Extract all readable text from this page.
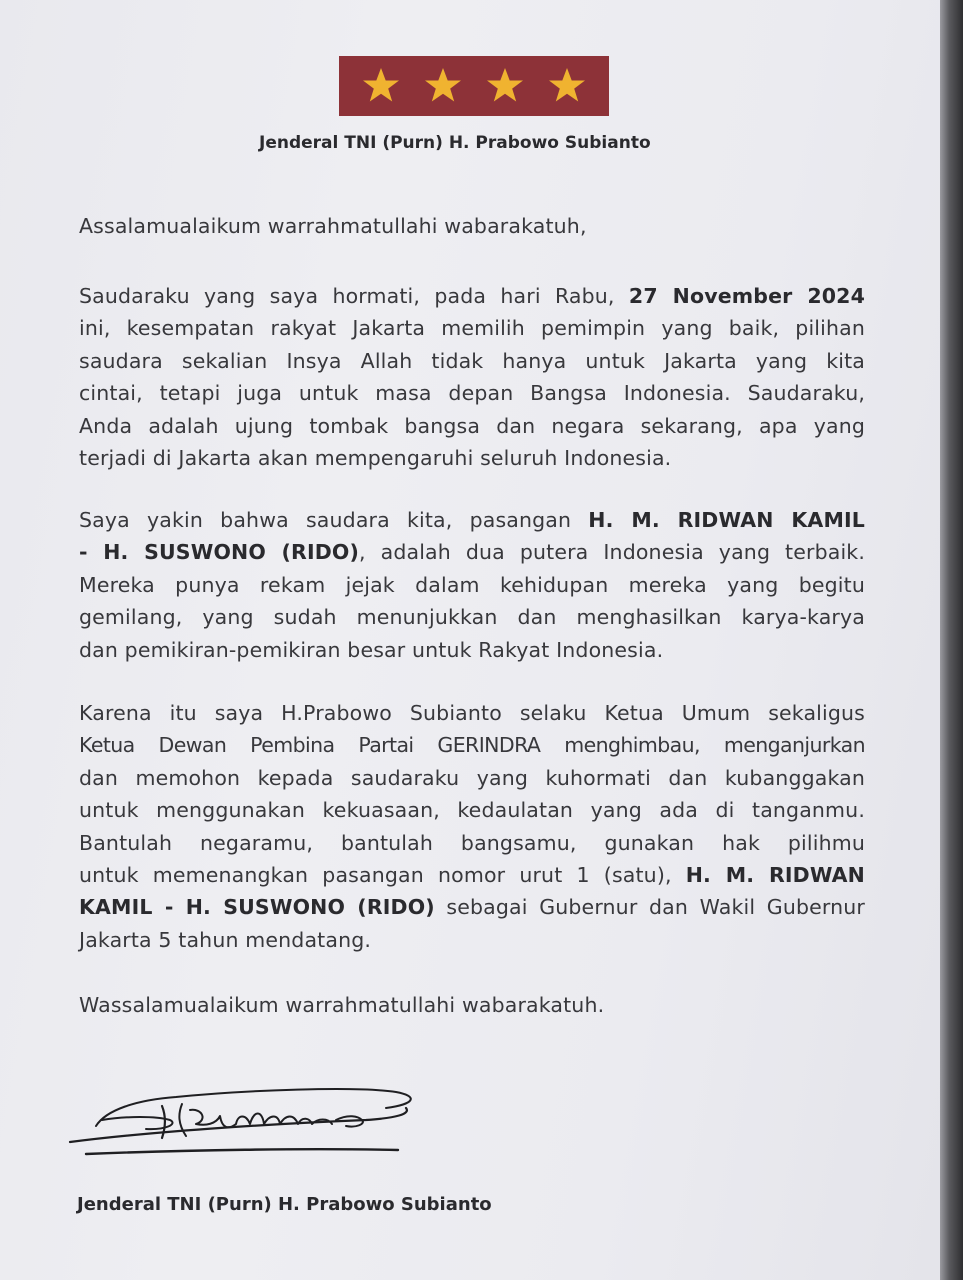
Jenderal TNI (Purn) H. Prabowo Subianto
Assalamualaikum warrahmatullahi wabarakatuh,
Saudaraku yang saya hormati, pada hari Rabu, 27 November 2024
ini, kesempatan rakyat Jakarta memilih pemimpin yang baik, pilihan
saudara sekalian Insya Allah tidak hanya untuk Jakarta yang kita
cintai, tetapi juga untuk masa depan Bangsa Indonesia. Saudaraku,
Anda adalah ujung tombak bangsa dan negara sekarang, apa yang
terjadi di Jakarta akan mempengaruhi seluruh Indonesia.
Saya yakin bahwa saudara kita, pasangan H. M. RIDWAN KAMIL
- H. SUSWONO (RIDO), adalah dua putera Indonesia yang terbaik.
Mereka punya rekam jejak dalam kehidupan mereka yang begitu
gemilang, yang sudah menunjukkan dan menghasilkan karya-karya
dan pemikiran-pemikiran besar untuk Rakyat Indonesia.
Karena itu saya H.Prabowo Subianto selaku Ketua Umum sekaligus
Ketua Dewan Pembina Partai GERINDRA menghimbau, menganjurkan
dan memohon kepada saudaraku yang kuhormati dan kubanggakan
untuk menggunakan kekuasaan, kedaulatan yang ada di tanganmu.
Bantulah negaramu, bantulah bangsamu, gunakan hak pilihmu
untuk memenangkan pasangan nomor urut 1 (satu), H. M. RIDWAN
KAMIL - H. SUSWONO (RIDO) sebagai Gubernur dan Wakil Gubernur
Jakarta 5 tahun mendatang.
Wassalamualaikum warrahmatullahi wabarakatuh.
Jenderal TNI (Purn) H. Prabowo Subianto
